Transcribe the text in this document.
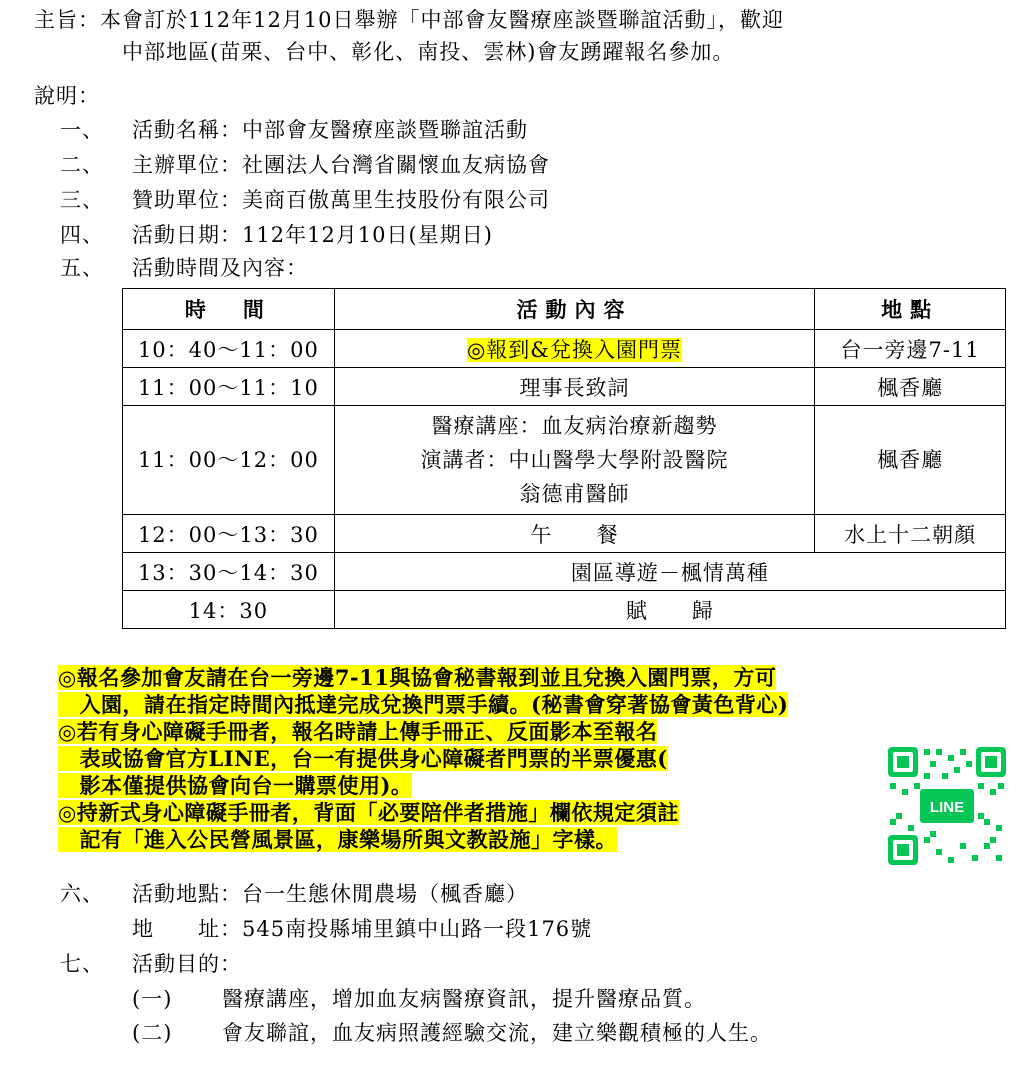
主旨：本會訂於112年12月10日舉辦「中部會友醫療座談暨聯誼活動」，歡迎
中部地區(苗栗、台中、彰化、南投、雲林)會友踴躍報名參加。
說明：
一、 活動名稱：中部會友醫療座談暨聯誼活動
二、 主辦單位：社團法人台灣省關懷血友病協會
三、 贊助單位：美商百傲萬里生技股份有限公司
四、 活動日期：112年12月10日(星期日)
五、 活動時間及內容：
時　間	活動內容	地點
10：40～11：00	◎報到&兌換入園門票	台一旁邊7-11
11：00～11：10	理事長致詞	楓香廳
11：00～12：00	醫療講座：血友病治療新趨勢
演講者：中山醫學大學附設醫院
翁德甫醫師	楓香廳
12：00～13：30	午　　餐	水上十二朝顏
13：30～14：30	園區導遊－楓情萬種	
14：30	賦　　歸	
◎報名參加會友請在台一旁邊7-11與協會秘書報到並且兌換入園門票，方可
　入園，請在指定時間內抵達完成兌換門票手續。(秘書會穿著協會黃色背心)
◎若有身心障礙手冊者，報名時請上傳手冊正、反面影本至報名
　表或協會官方LINE，台一有提供身心障礙者門票的半票優惠(
　影本僅提供協會向台一購票使用)。
◎持新式身心障礙手冊者，背面「必要陪伴者措施」欄依規定須註
　記有「進入公民營風景區，康樂場所與文教設施」字樣。
LINE
六、 活動地點：台一生態休閒農場（楓香廳）
地　　址：545南投縣埔里鎮中山路一段176號
七、 活動目的：
(一) 醫療講座，增加血友病醫療資訊，提升醫療品質。
(二) 會友聯誼，血友病照護經驗交流，建立樂觀積極的人生。
